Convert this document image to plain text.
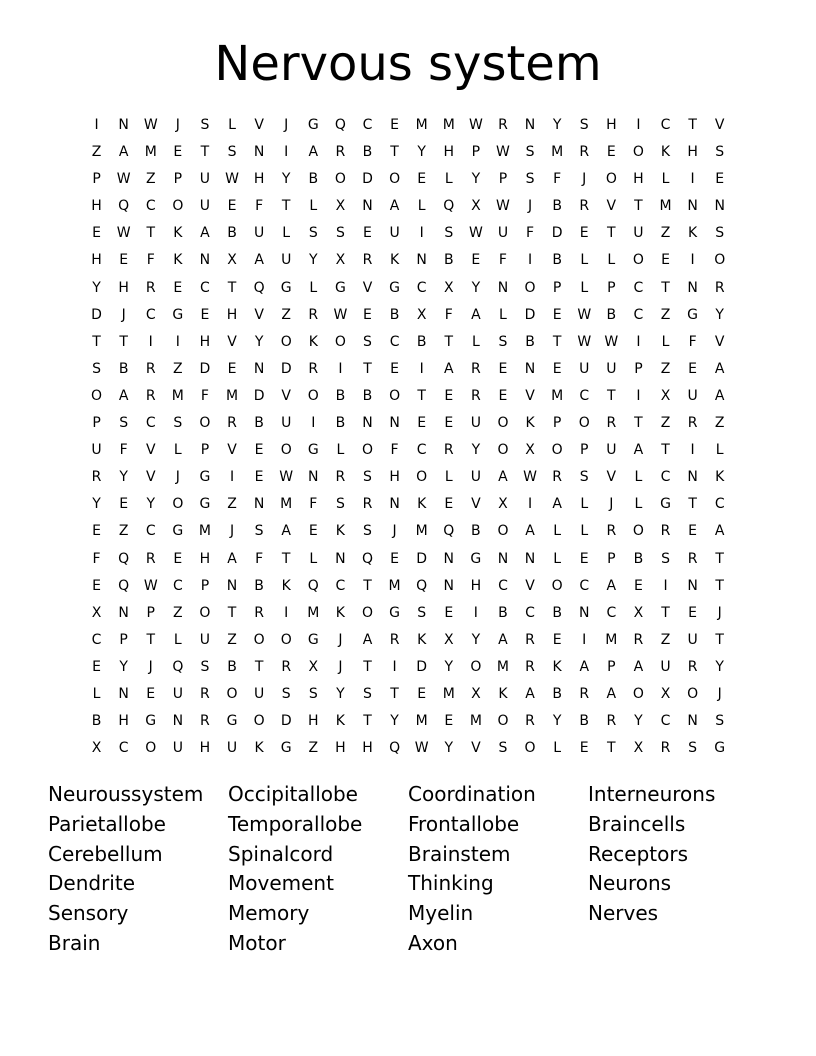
Nervous system
I	N	W	J	S	L	V	J	G	Q	C	E	M	M	W	R	N	Y	S	H	I	C	T	V
Z	A	M	E	T	S	N	I	A	R	B	T	Y	H	P	W	S	M	R	E	O	K	H	S
P	W	Z	P	U	W	H	Y	B	O	D	O	E	L	Y	P	S	F	J	O	H	L	I	E
H	Q	C	O	U	E	F	T	L	X	N	A	L	Q	X	W	J	B	R	V	T	M	N	N
E	W	T	K	A	B	U	L	S	S	E	U	I	S	W	U	F	D	E	T	U	Z	K	S
H	E	F	K	N	X	A	U	Y	X	R	K	N	B	E	F	I	B	L	L	O	E	I	O
Y	H	R	E	C	T	Q	G	L	G	V	G	C	X	Y	N	O	P	L	P	C	T	N	R
D	J	C	G	E	H	V	Z	R	W	E	B	X	F	A	L	D	E	W	B	C	Z	G	Y
T	T	I	I	H	V	Y	O	K	O	S	C	B	T	L	S	B	T	W W	I	L	F	V
S	B	R	Z	D	E	N	D	R	I	T	E	I	A	R	E	N	E	U	U	P	Z	E	A
O	A	R	M	F	M	D	V	O	B	B	O	T	E	R	E	V	M	C	T	I	X	U	A
P	S	C	S	O	R	B	U	I	B	N	N	E	E	U	O	K	P	O	R	T	Z	R	Z
U	F	V	L	P	V	E	O	G	L	O	F	C	R	Y	O	X	O	P	U	A	T	I	L
R	Y	V	J	G	I	E	W	N	R	S	H	O	L	U	A	W	R	S	V	L	C	N	K
Y	E	Y	O	G	Z	N	M	F	S	R	N	K	E	V	X	I	A	L	J	L	G	T	C
E	Z	C	G	M	J	S	A	E	K	S	J	M	Q	B	O	A	L	L	R	O	R	E	A
F	Q	R	E	H	A	F	T	L	N	Q	E	D	N	G	N	N	L	E	P	B	S	R	T
E	Q	W	C	P	N	B	K	Q	C	T	M	Q	N	H	C	V	O	C	A	E	I	N	T
X	N	P	Z	O	T	R	I	M	K	O	G	S	E	I	B	C	B	N	C	X	T	E	J
C	P	T	L	U	Z	O	O	G	J	A	R	K	X	Y	A	R	E	I	M	R	Z	U	T
E	Y	J	Q	S	B	T	R	X	J	T	I	D	Y	O	M	R	K	A	P	A	U	R	Y
L	N	E	U	R	O	U	S	S	Y	S	T	E	M	X	K	A	B	R	A	O	X	O	J
B	H	G	N	R	G	O	D	H	K	T	Y	M	E	M	O	R	Y	B	R	Y	C	N	S
X	C	O	U	H	U	K	G	Z	H	H	Q	W	Y	V	S	O	L	E	T	X	R	S	G
Neuroussystem
Parietallobe
Cerebellum
Dendrite
Sensory
Brain
Occipitallobe
Temporallobe
Spinalcord
Movement
Memory
Motor
Coordination
Frontallobe
Brainstem
Thinking
Myelin
Axon
Interneurons
Braincells
Receptors
Neurons
Nerves
